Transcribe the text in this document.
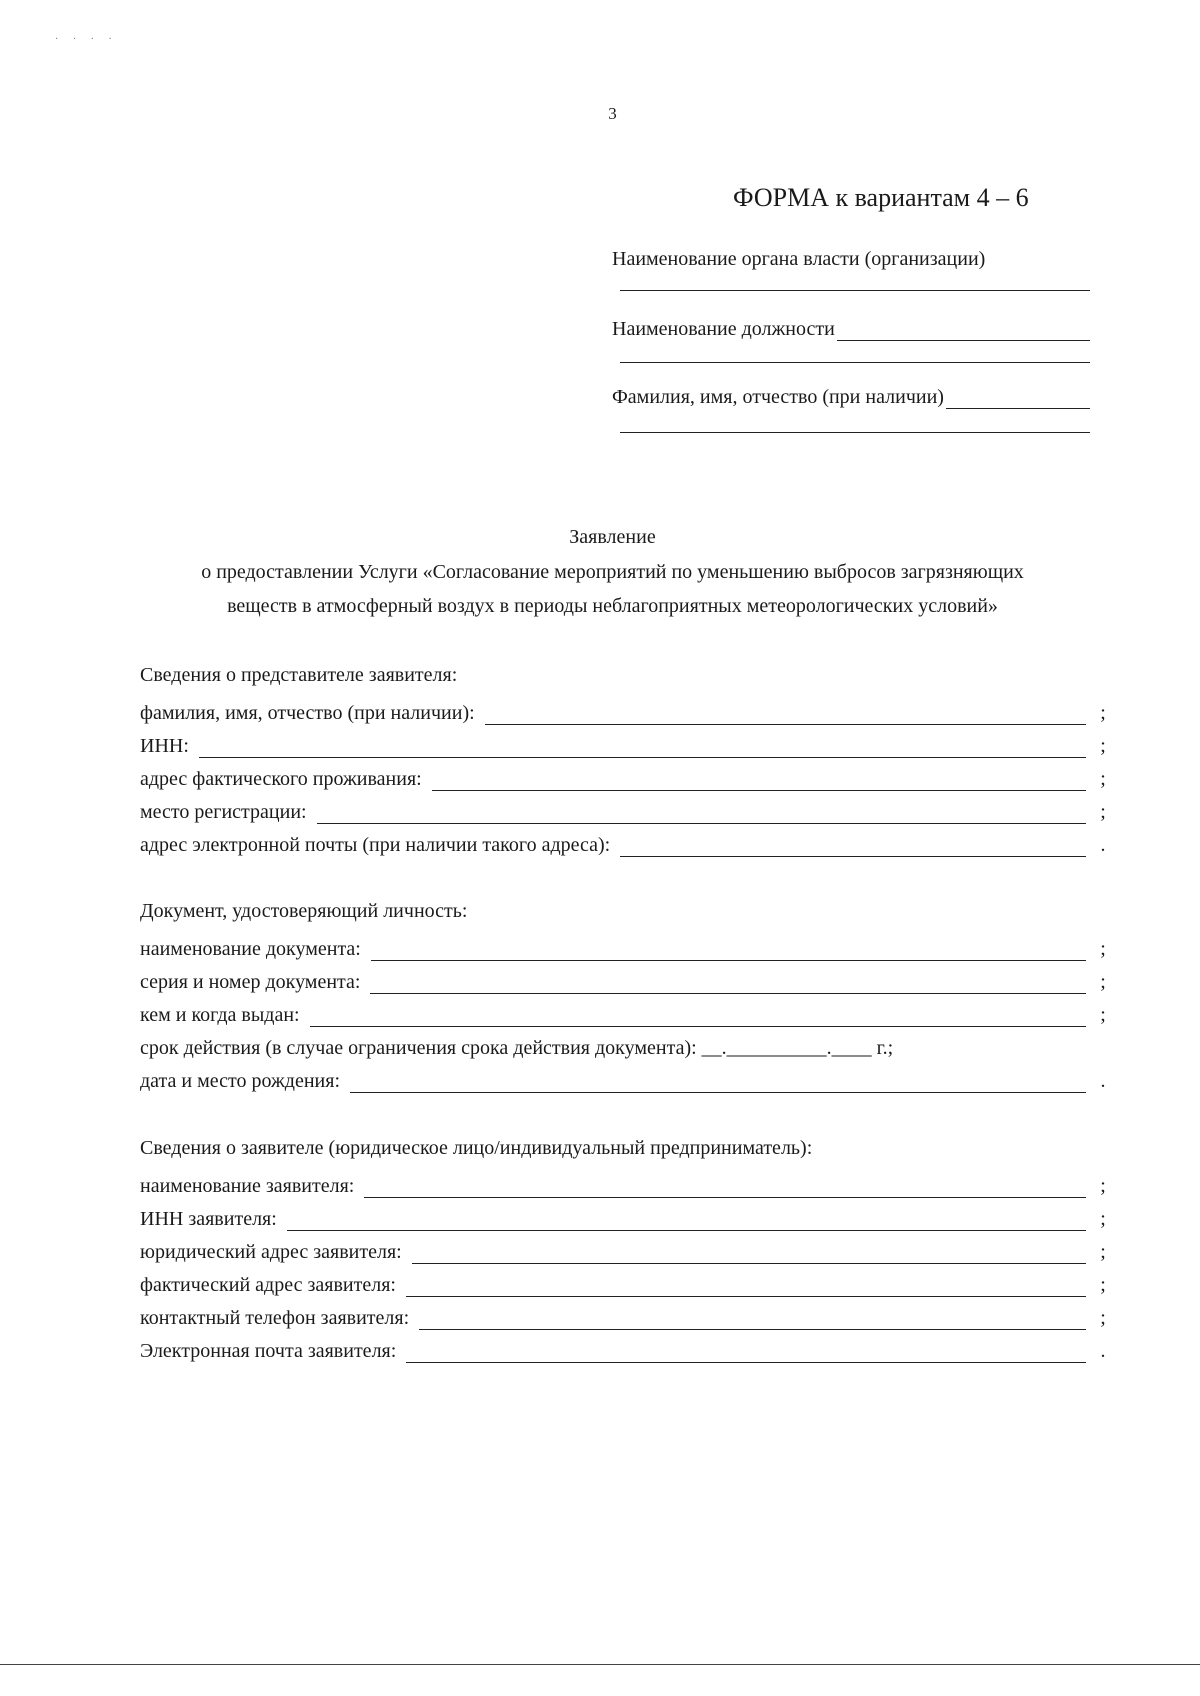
· · · ·
3
ФОРМА к вариантам 4 – 6
Наименование органа власти (организации)
Наименование должности
Фамилия, имя, отчество (при наличии)
Заявление
о предоставлении Услуги «Согласование мероприятий по уменьшению выбросов загрязняющих
веществ в атмосферный воздух в периоды неблагоприятных метеорологических условий»
Сведения о представителе заявителя:
фамилия, имя, отчество (при наличии):	;
ИНН:	;
адрес фактического проживания:	;
место регистрации:	;
адрес электронной почты (при наличии такого адреса):	.
Документ, удостоверяющий личность:
наименование документа:	;
серия и номер документа:	;
кем и когда выдан:	;
срок действия (в случае ограничения срока действия документа): __.__________.____ г.;
дата и место рождения:	.
Сведения о заявителе (юридическое лицо/индивидуальный предприниматель):
наименование заявителя:	;
ИНН заявителя:	;
юридический адрес заявителя:	;
фактический адрес заявителя:	;
контактный телефон заявителя:	;
Электронная почта заявителя:	.
